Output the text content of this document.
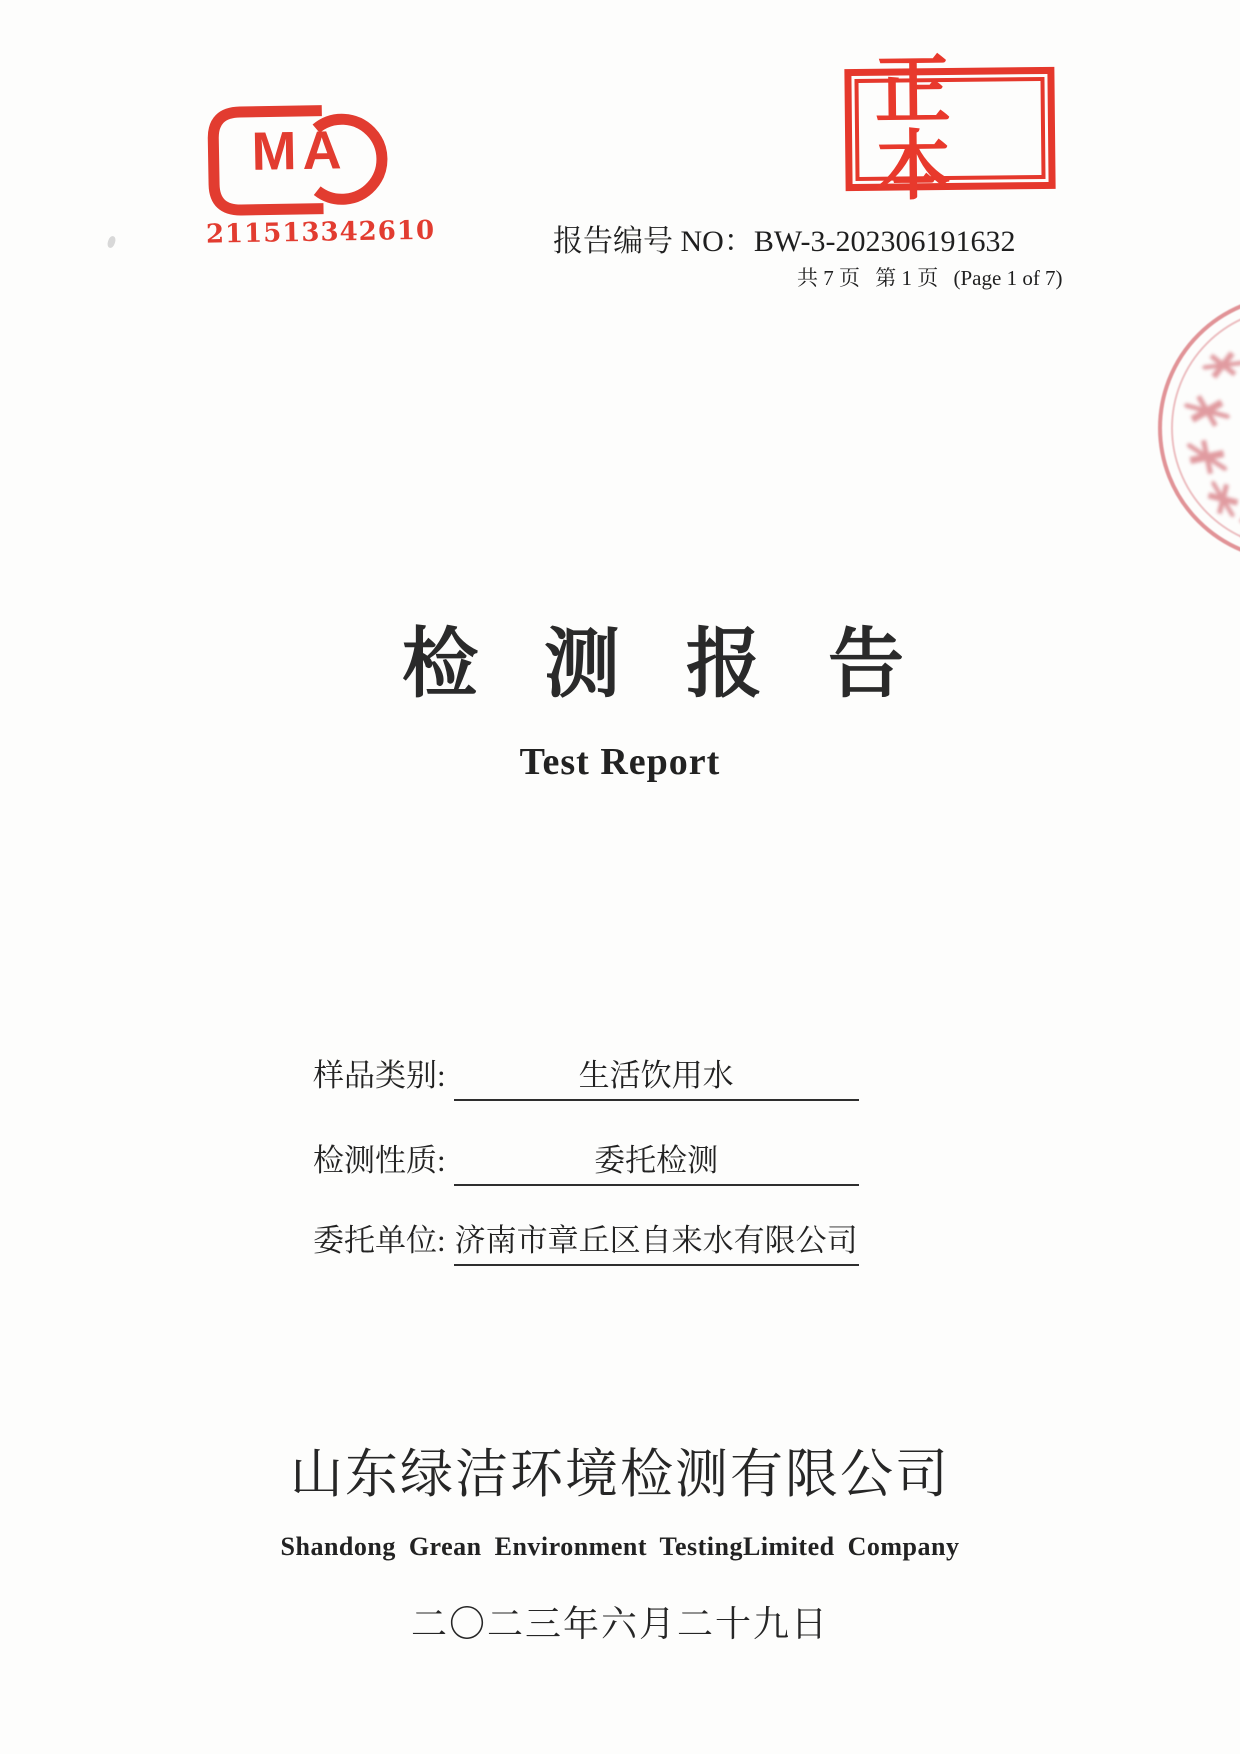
MA
211513342610
正本
报告编号 NO：BW-3-202306191632
共 7 页 第 1 页 (Page 1 of 7)
检测报告
Test Report
样品类别:	生活饮用水
检测性质:	委托检测
委托单位: 济南市章丘区自来水有限公司
山东绿洁环境检测有限公司
Shandong Grean Environment TestingLimited Company
二〇二三年六月二十九日
